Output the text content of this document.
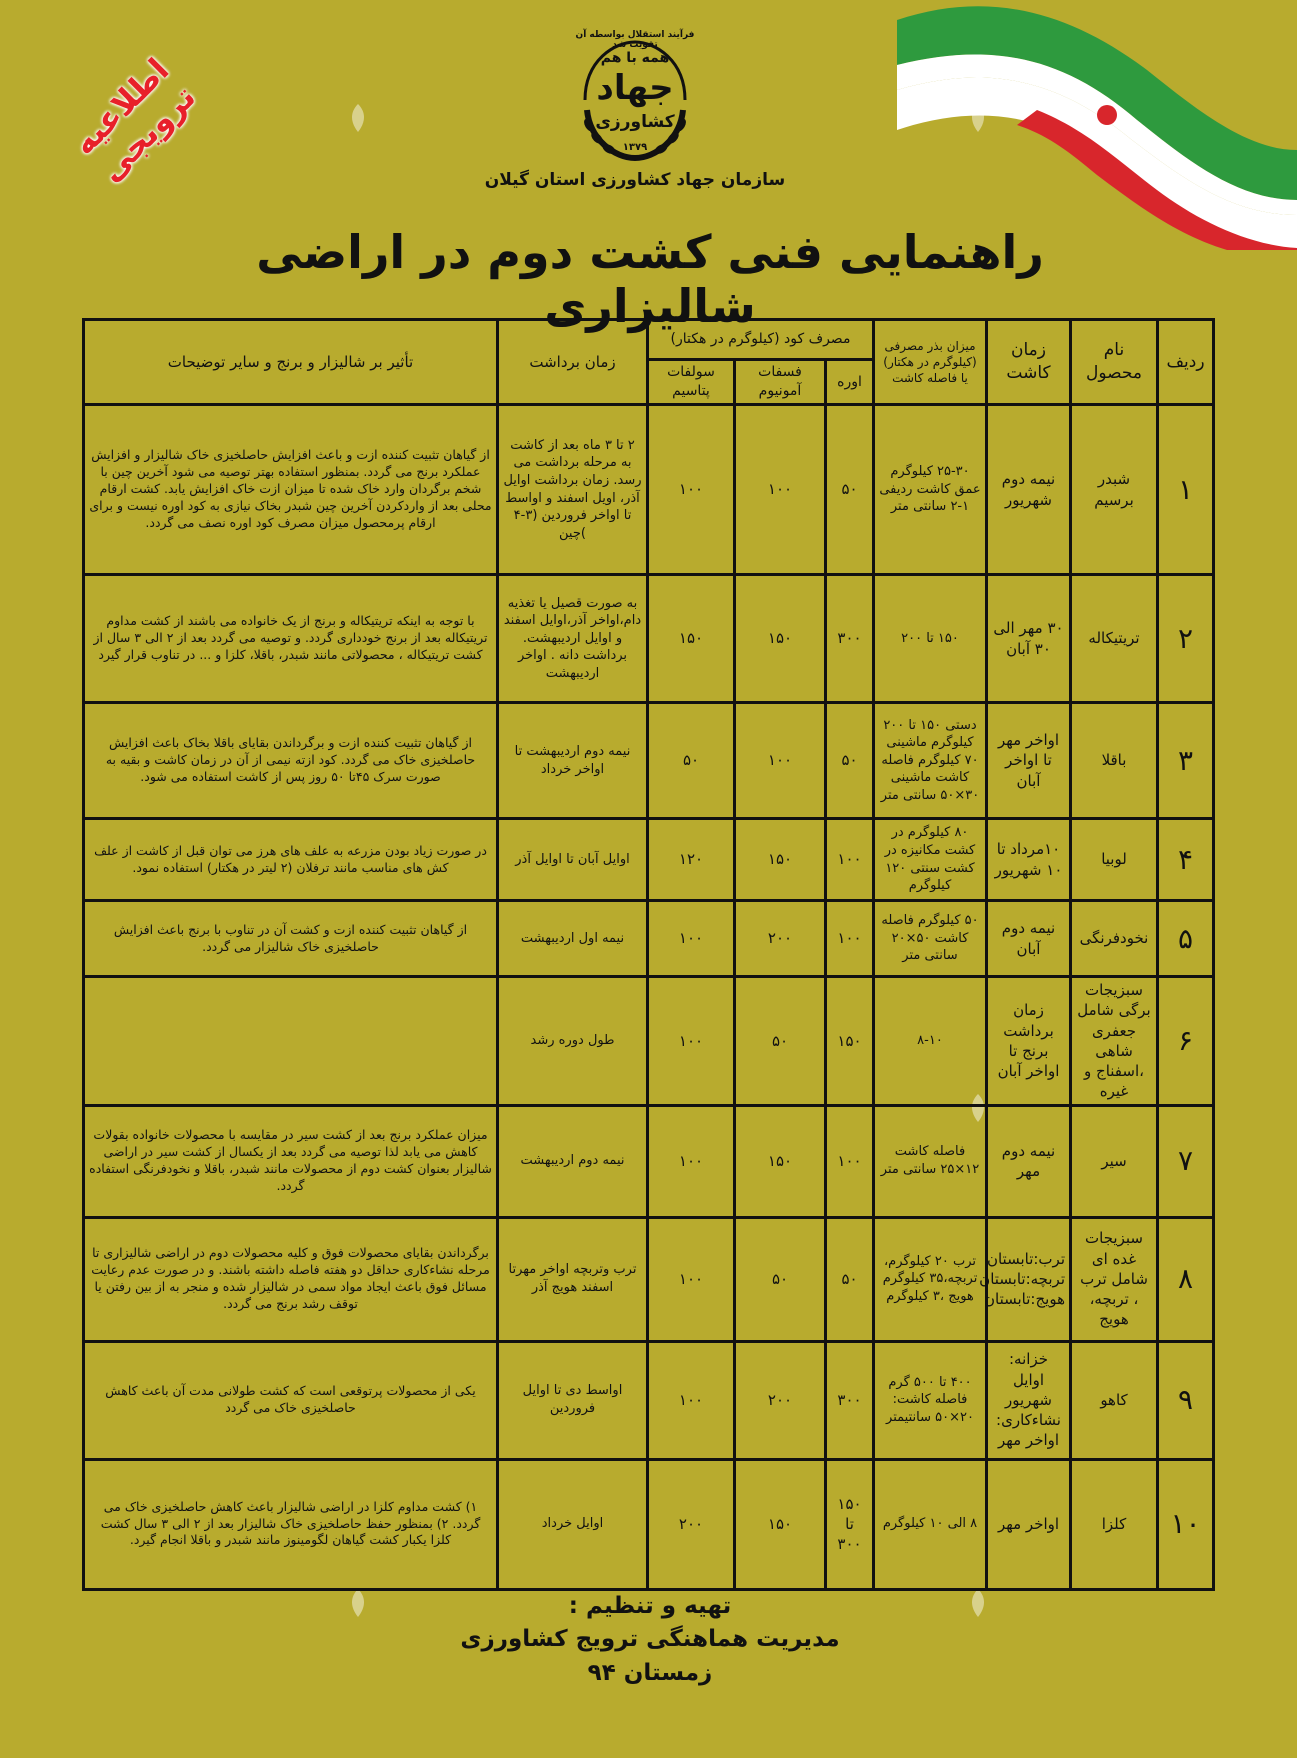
اطلاعیه ترویجی
فرآیند استقلال بواسطه آن تقویت شد
همه با هم
جهاد
کشاورزی
۱۳۷۹
سازمان جهاد کشاورزی استان گیلان
راهنمایی فنی کشت دوم در اراضی شالیزاری
ردیف	نام محصول	زمان کاشت	میزان بذر مصرفی (کیلوگرم در هکتار) یا فاصله کاشت	مصرف کود (کیلوگرم در هکتار)			زمان برداشت	تأثیر بر شالیزار و برنج و سایر توضیحات
				اوره	فسفات آمونیوم	سولفات پتاسیم		
۱	شبدر برسیم	نیمه دوم شهریور	۲۵-۳۰ کیلوگرم عمق کاشت ردیفی ۱-۲ سانتی متر	۵۰	۱۰۰	۱۰۰	۲ تا ۳ ماه بعد از کاشت به مرحله برداشت می رسد. زمان برداشت اوایل آذر، اویل اسفند و اواسط تا اواخر فروردین (۳-۴ )چین	از گیاهان تثبیت کننده ازت و باعث افزایش حاصلخیزی خاک شالیزار و افزایش عملکرد برنج می گردد. بمنظور استفاده بهتر توصیه می شود آخرین چین با شخم برگردان وارد خاک شده تا میزان ازت خاک افزایش یابد. کشت ارقام محلی بعد از واردکردن آخرین چین شبدر بخاک نیازی به کود اوره نیست و برای ارقام پرمحصول میزان مصرف کود اوره نصف می گردد.
۲	تریتیکاله	۳۰ مهر الی ۳۰ آبان	۱۵۰ تا ۲۰۰	۳۰۰	۱۵۰	۱۵۰	به صورت قصیل یا تغذیه دام،اواخر آذر،اوایل اسفند و اوایل اردیبهشت. برداشت دانه . اواخر اردیبهشت	با توجه به اینکه تریتیکاله و برنج از یک خانواده می باشند از کشت مداوم تریتیکاله بعد از برنج خودداری گردد. و توصیه می گردد بعد از ۲ الی ۳ سال از کشت تریتیکاله ، محصولاتی مانند شبدر، باقلا، کلزا و ... در تناوب قرار گیرد
۳	باقلا	اواخر مهر تا اواخر آبان	دستی ۱۵۰ تا ۲۰۰ کیلوگرم ماشینی ۷۰ کیلوگرم فاصله کاشت ماشینی ۳۰×۵۰ سانتی متر	۵۰	۱۰۰	۵۰	نیمه دوم اردیبهشت تا اواخر خرداد	از گیاهان تثبیت کننده ازت و برگرداندن بقایای باقلا بخاک باعث افزایش حاصلخیزی خاک می گردد. کود ازته نیمی از آن در زمان کاشت و بقیه به صورت سرک ۴۵تا ۵۰ روز پس از کاشت استفاده می شود.
۴	لوبیا	۱۰مرداد تا ۱۰ شهریور	۸۰ کیلوگرم در کشت مکانیزه در کشت سنتی ۱۲۰ کیلوگرم	۱۰۰	۱۵۰	۱۲۰	اوایل آبان تا اوایل آذر	در صورت زیاد بودن مزرعه به علف های هرز می توان قبل از کاشت از علف کش های مناسب مانند ترفلان (۲ لیتر در هکتار) استفاده نمود.
۵	نخودفرنگی	نیمه دوم آبان	۵۰ کیلوگرم فاصله کاشت ۵۰×۲۰ سانتی متر	۱۰۰	۲۰۰	۱۰۰	نیمه اول اردیبهشت	از گیاهان تثبیت کننده ازت و کشت آن در تناوب با برنج باعث افزایش حاصلخیزی خاک شالیزار می گردد.
۶	سبزیجات برگی شامل جعفری شاهی ،اسفناج و غیره	زمان برداشت برنج تا اواخر آبان	۸-۱۰	۱۵۰	۵۰	۱۰۰	طول دوره رشد	
۷	سیر	نیمه دوم مهر	فاصله کاشت ۱۲×۲۵ سانتی متر	۱۰۰	۱۵۰	۱۰۰	نیمه دوم اردیبهشت	میزان عملکرد برنج بعد از کشت سیر در مقایسه با محصولات خانواده بقولات کاهش می یابد لذا توصیه می گردد بعد از یکسال از کشت سیر در اراضی شالیزار بعنوان کشت دوم از محصولات مانند شبدر، باقلا و نخودفرنگی استفاده گردد.
۸	سبزیجات غده ای شامل ترب ، تربچه، هویج	ترب:تابستان تربچه:تابستان هویج:تابستان	ترب ۲۰ کیلوگرم، تربچه،۳۵ کیلوگرم هویج ،۳ کیلوگرم	۵۰	۵۰	۱۰۰	ترب وتربچه اواخر مهرتا اسفند هویج آذر	برگرداندن بقایای محصولات فوق و کلیه محصولات دوم در اراضی شالیزاری تا مرحله نشاءکاری حداقل دو هفته فاصله داشته باشند. و در صورت عدم رعایت مسائل فوق باعث ایجاد مواد سمی در شالیزار شده و منجر به از بین رفتن یا توقف رشد برنج می گردد.
۹	کاهو	خزانه: اوایل شهریور نشاءکاری: اواخر مهر	۴۰۰ تا ۵۰۰ گرم فاصله کاشت: ۲۰×۵۰ سانتیمتر	۳۰۰	۲۰۰	۱۰۰	اواسط دی تا اوایل فروردین	یکی از محصولات پرتوقعی است که کشت طولانی مدت آن باعث کاهش حاصلخیزی خاک می گردد
۱۰	کلزا	اواخر مهر	۸ الی ۱۰ کیلوگرم	۱۵۰ تا ۳۰۰	۱۵۰	۲۰۰	اوایل خرداد	۱) کشت مداوم کلزا در اراضی شالیزار باعث کاهش حاصلخیزی خاک می گردد. ۲) بمنظور حفظ حاصلخیزی خاک شالیزار بعد از ۲ الی ۳ سال کشت کلزا یکبار کشت گیاهان لگومینوز مانند شبدر و باقلا انجام گیرد.
تهیه و تنظیم :
مدیریت هماهنگی ترویج کشاورزی
زمستان ۹۴
